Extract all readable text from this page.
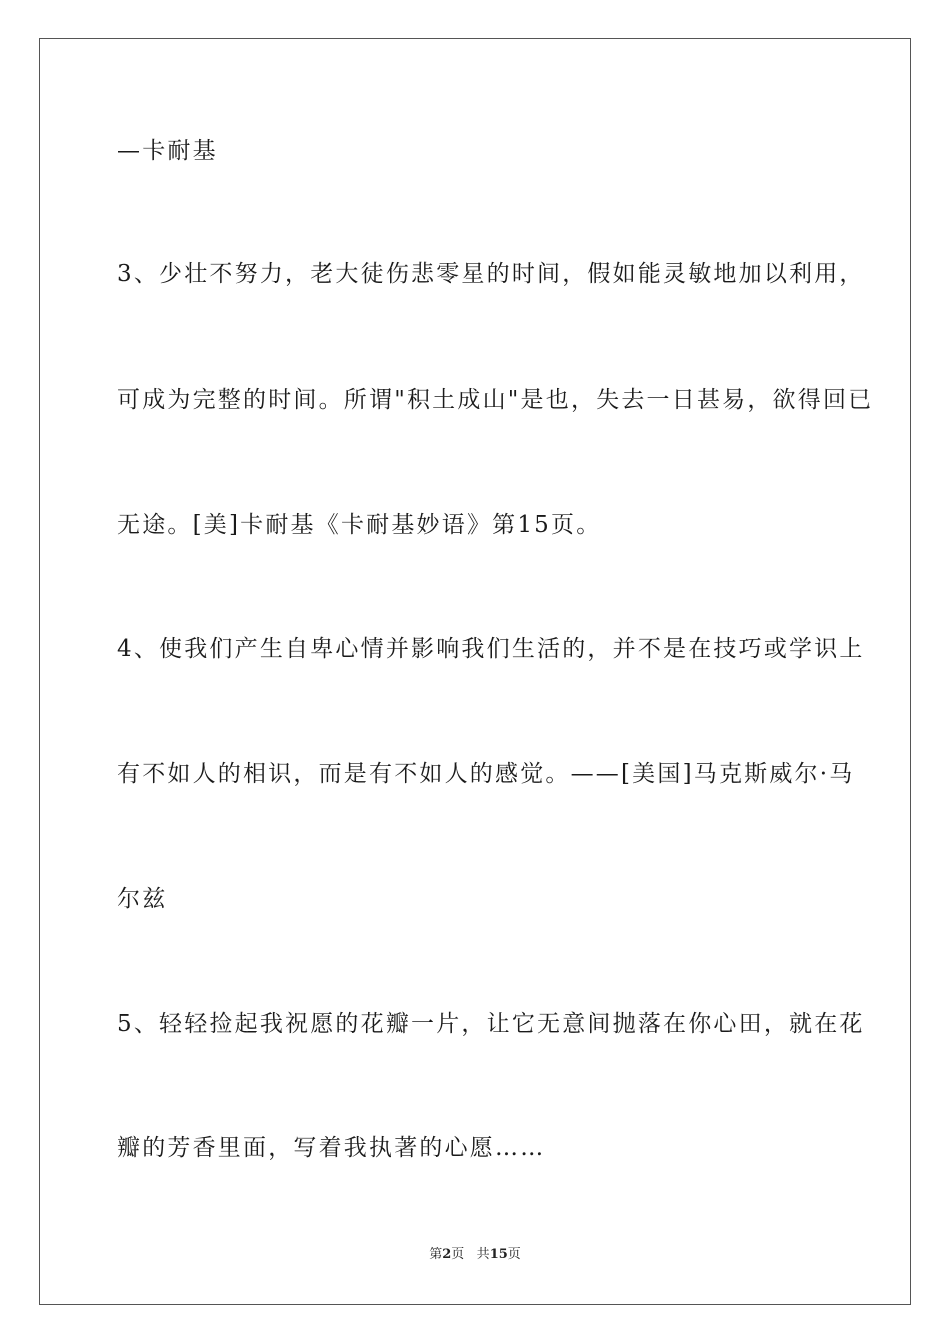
—卡耐基
3、少壮不努力，老大徒伤悲零星的时间，假如能灵敏地加以利用，
可成为完整的时间。所谓"积土成山"是也，失去一日甚易，欲得回已
无途。[美]卡耐基《卡耐基妙语》第15页。
4、使我们产生自卑心情并影响我们生活的，并不是在技巧或学识上
有不如人的相识，而是有不如人的感觉。——[美国]马克斯威尔·马
尔兹
5、轻轻捡起我祝愿的花瓣一片，让它无意间抛落在你心田，就在花
瓣的芳香里面，写着我执著的心愿……
第2页 共15页
